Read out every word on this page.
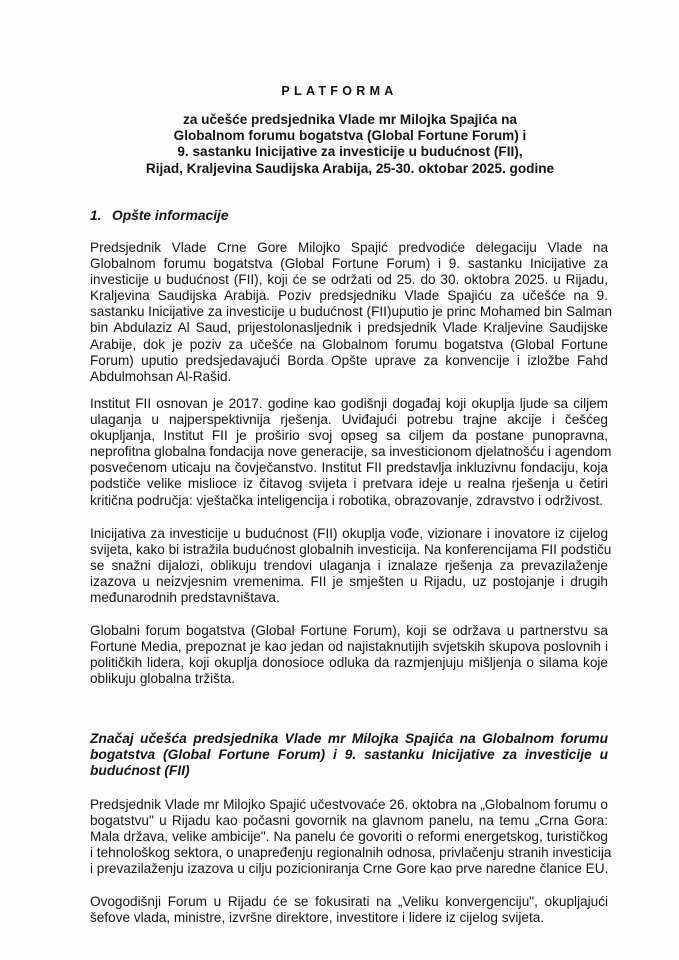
PLATFORMA
za učešće predsjednika Vlade mr Milojka Spajića na
Globalnom forumu bogatstva (Global Fortune Forum) i
9. sastanku Inicijative za investicije u budućnost (FII),
Rijad, Kraljevina Saudijska Arabija, 25-30. oktobar 2025. godine
1. Opšte informacije
Predsjednik Vlade Crne Gore Milojko Spajić predvodiće delegaciju Vlade na
Globalnom forumu bogatstva (Global Fortune Forum) i 9. sastanku Inicijative za
investicije u budućnost (FII), koji će se održati od 25. do 30. oktobra 2025. u Rijadu,
Kraljevina Saudijska Arabija. Poziv predsjedniku Vlade Spajiću za učešće na 9.
sastanku Inicijative za investicije u budućnost (FII)uputio je princ Mohamed bin Salman
bin Abdulaziz Al Saud, prijestolonasljednik i predsjednik Vlade Kraljevine Saudijske
Arabije, dok je poziv za učešće na Globalnom forumu bogatstva (Global Fortune
Forum) uputio predsjedavajući Borda Opšte uprave za konvencije i izložbe Fahd
Abdulmohsan Al-Rašid.
Institut FII osnovan je 2017. godine kao godišnji događaj koji okuplja ljude sa ciljem
ulaganja u najperspektivnija rješenja. Uviđajući potrebu trajne akcije i češćeg
okupljanja, Institut FII je proširio svoj opseg sa ciljem da postane punopravna,
neprofitna globalna fondacija nove generacije, sa investicionom djelatnošću i agendom
posvećenom uticaju na čovječanstvo. Institut FII predstavlja inkluzivnu fondaciju, koja
podstiče velike mislioce iz čitavog svijeta i pretvara ideje u realna rješenja u četiri
kritična područja: vještačka inteligencija i robotika, obrazovanje, zdravstvo i održivost.
Inicijativa za investicije u budućnost (FII) okuplja vođe, vizionare i inovatore iz cijelog
svijeta, kako bi istražila budućnost globalnih investicija. Na konferencijama FII podstiču
se snažni dijalozi, oblikuju trendovi ulaganja i iznalaze rješenja za prevazilaženje
izazova u neizvjesnim vremenima. FII je smješten u Rijadu, uz postojanje i drugih
međunarodnih predstavništava.
Globalni forum bogatstva (Global Fortune Forum), koji se održava u partnerstvu sa
Fortune Media, prepoznat je kao jedan od najistaknutijih svjetskih skupova poslovnih i
političkih lidera, koji okuplja donosioce odluka da razmjenjuju mišljenja o silama koje
oblikuju globalna tržišta.
Značaj učešća predsjednika Vlade mr Milojka Spajića na Globalnom forumu
bogatstva (Global Fortune Forum) i 9. sastanku Inicijative za investicije u
budućnost (FII)
Predsjednik Vlade mr Milojko Spajić učestvovaće 26. oktobra na „Globalnom forumu o
bogatstvu" u Rijadu kao počasni govornik na glavnom panelu, na temu „Crna Gora:
Mala država, velike ambicije". Na panelu će govoriti o reformi energetskog, turističkog
i tehnološkog sektora, o unapređenju regionalnih odnosa, privlačenju stranih investicija
i prevazilaženju izazova u cilju pozicioniranja Crne Gore kao prve naredne članice EU.
Ovogodišnji Forum u Rijadu će se fokusirati na „Veliku konvergenciju", okupljajući
šefove vlada, ministre, izvršne direktore, investitore i lidere iz cijelog svijeta.
